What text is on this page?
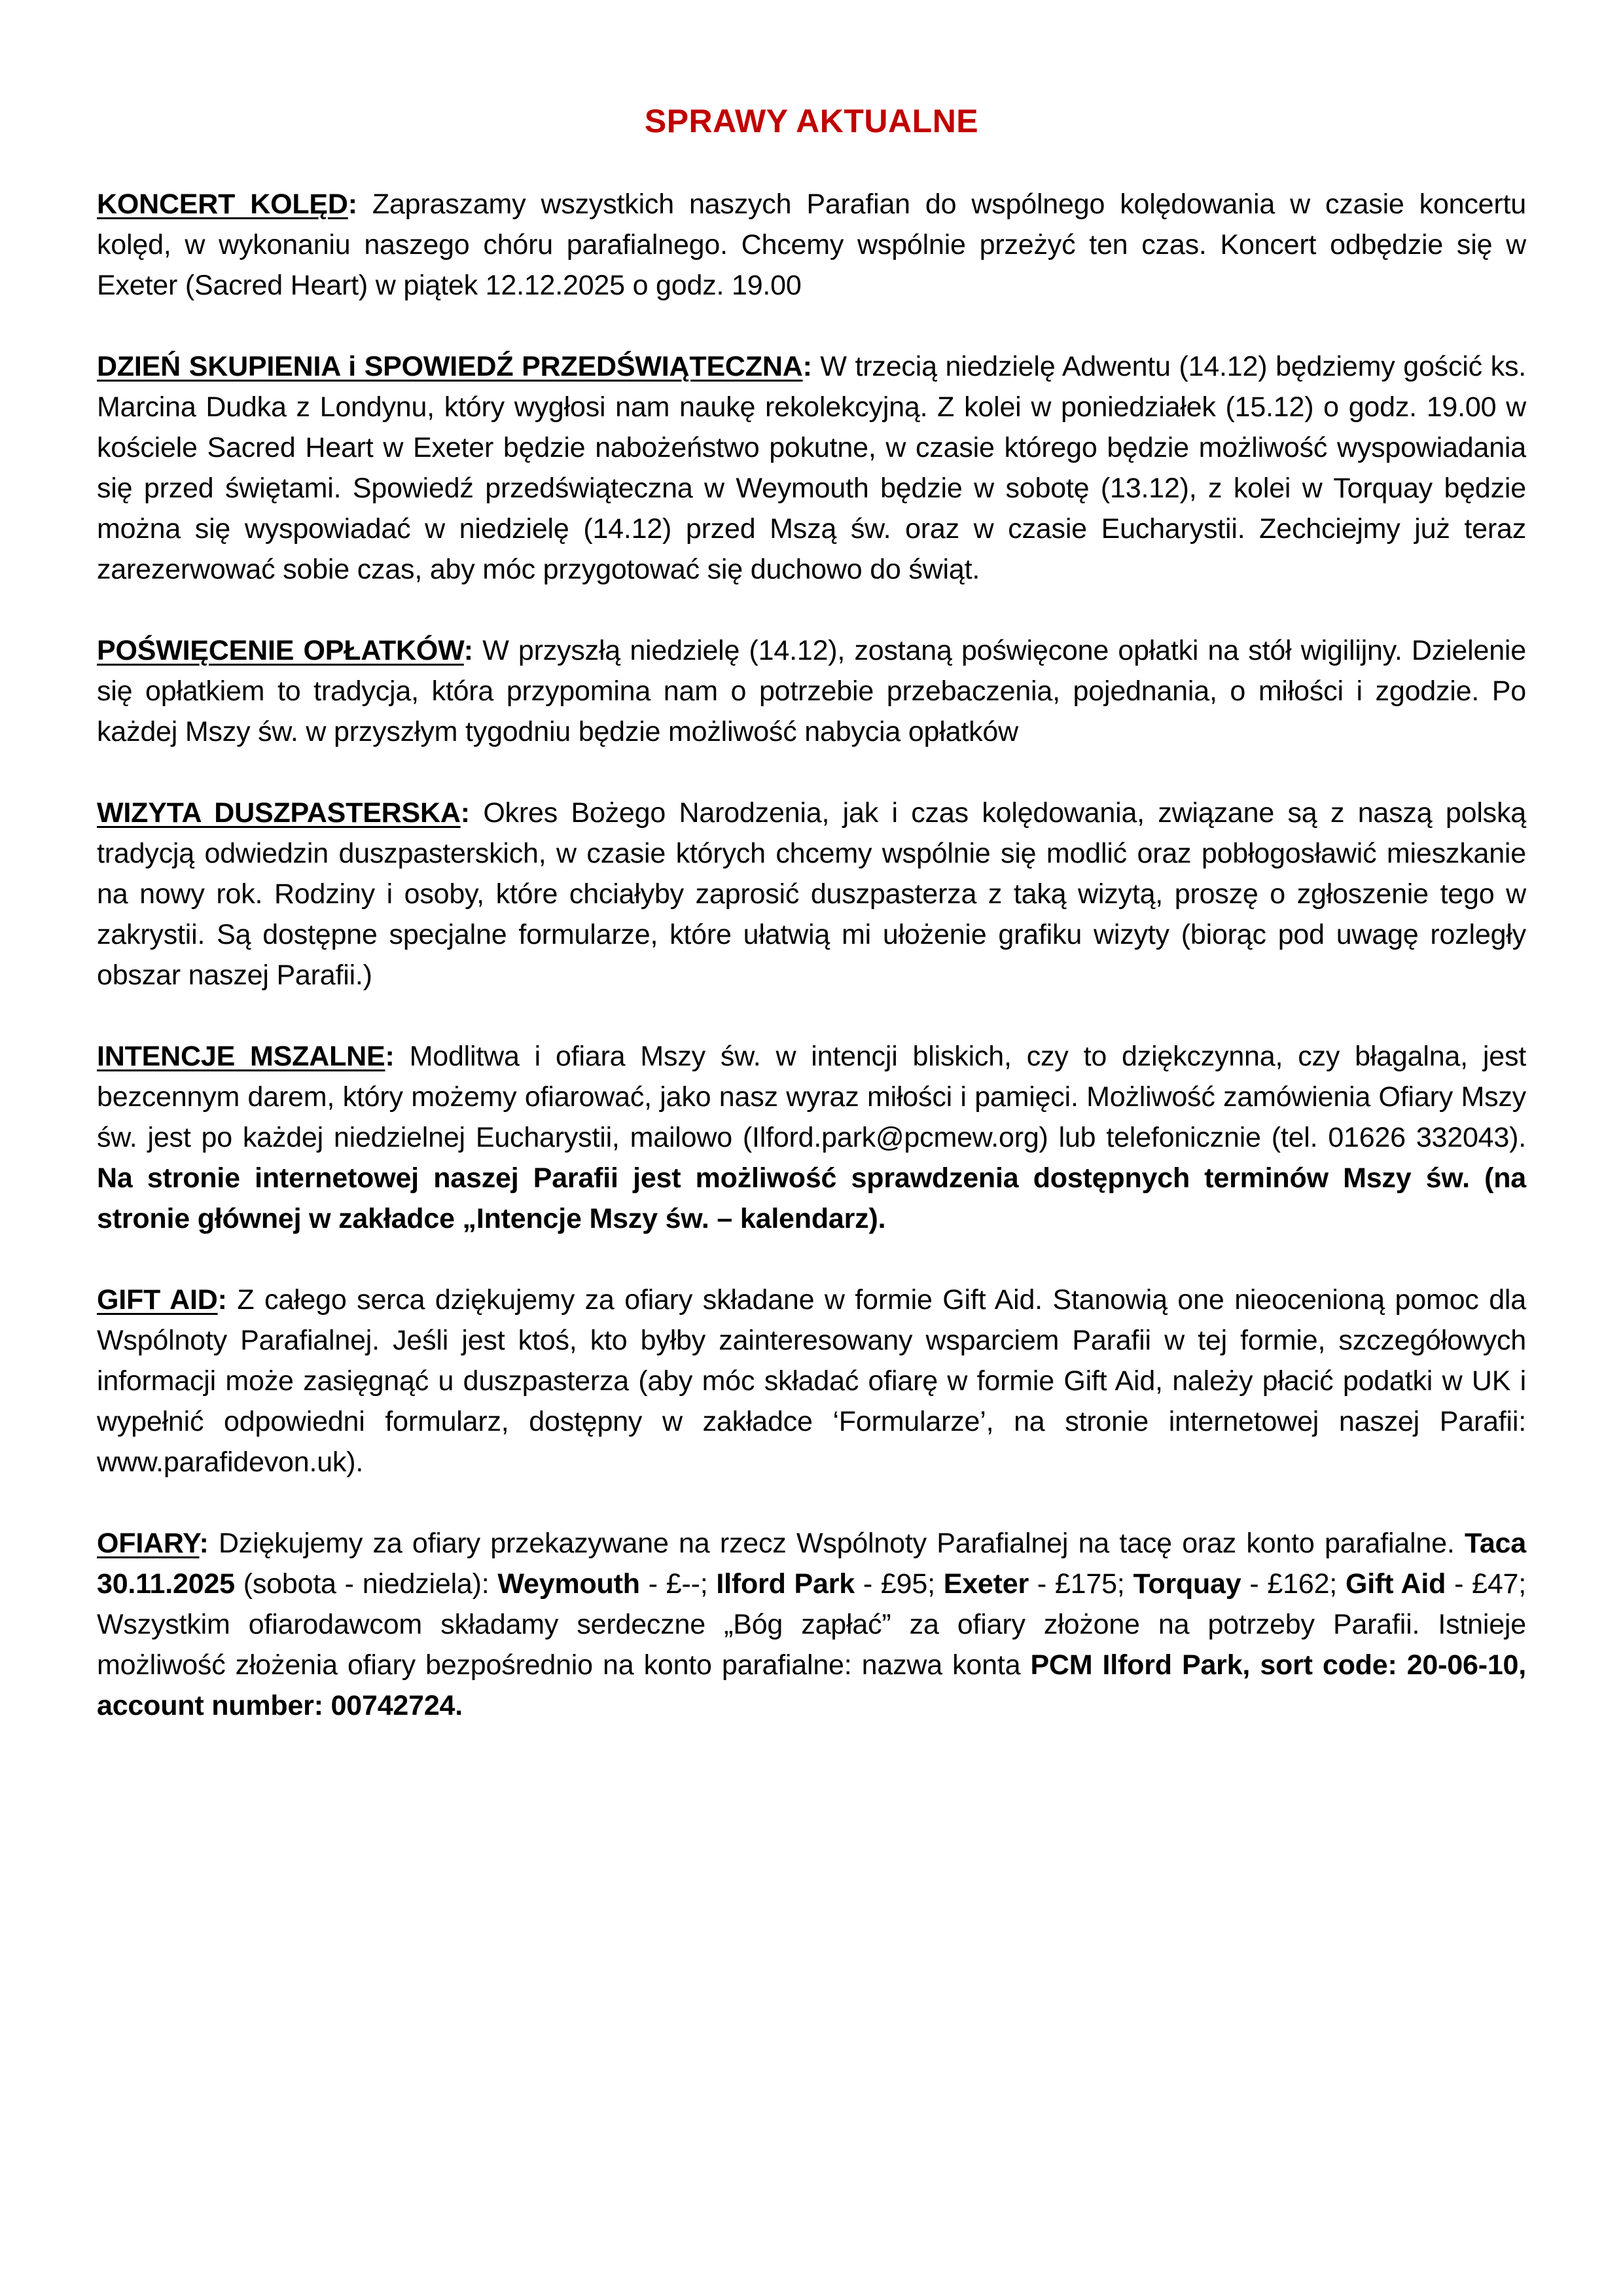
SPRAWY AKTUALNE

KONCERT KOLĘD: Zapraszamy wszystkich naszych Parafian do wspólnego kolędowania w czasie koncertu kolęd, w wykonaniu naszego chóru parafialnego. Chcemy wspólnie przeżyć ten czas. Koncert odbędzie się w Exeter (Sacred Heart) w piątek 12.12.2025 o godz. 19.00

DZIEŃ SKUPIENIA i SPOWIEDŹ PRZEDŚWIĄTECZNA: W trzecią niedzielę Adwentu (14.12) będziemy gościć ks. Marcina Dudka z Londynu, który wygłosi nam naukę rekolekcyjną. Z kolei w poniedziałek (15.12) o godz. 19.00 w kościele Sacred Heart w Exeter będzie nabożeństwo pokutne, w czasie którego będzie możliwość wyspowiadania się przed świętami. Spowiedź przedświąteczna w Weymouth będzie w sobotę (13.12), z kolei w Torquay będzie można się wyspowiadać w niedzielę (14.12) przed Mszą św. oraz w czasie Eucharystii. Zechciejmy już teraz zarezerwować sobie czas, aby móc przygotować się duchowo do świąt.

POŚWIĘCENIE OPŁATKÓW: W przyszłą niedzielę (14.12), zostaną poświęcone opłatki na stół wigilijny. Dzielenie się opłatkiem to tradycja, która przypomina nam o potrzebie przebaczenia, pojednania, o miłości i zgodzie. Po każdej Mszy św. w przyszłym tygodniu będzie możliwość nabycia opłatków

WIZYTA DUSZPASTERSKA: Okres Bożego Narodzenia, jak i czas kolędowania, związane są z naszą polską tradycją odwiedzin duszpasterskich, w czasie których chcemy wspólnie się modlić oraz pobłogosławić mieszkanie na nowy rok. Rodziny i osoby, które chciałyby zaprosić duszpasterza z taką wizytą, proszę o zgłoszenie tego w zakrystii. Są dostępne specjalne formularze, które ułatwią mi ułożenie grafiku wizyty (biorąc pod uwagę rozległy obszar naszej Parafii.)

INTENCJE MSZALNE: Modlitwa i ofiara Mszy św. w intencji bliskich, czy to dziękczynna, czy błagalna, jest bezcennym darem, który możemy ofiarować, jako nasz wyraz miłości i pamięci. Możliwość zamówienia Ofiary Mszy św. jest po każdej niedzielnej Eucharystii, mailowo (Ilford.park@pcmew.org) lub telefonicznie (tel. 01626 332043). Na stronie internetowej naszej Parafii jest możliwość sprawdzenia dostępnych terminów Mszy św. (na stronie głównej w zakładce „Intencje Mszy św. – kalendarz).

GIFT AID: Z całego serca dziękujemy za ofiary składane w formie Gift Aid. Stanowią one nieocenioną pomoc dla Wspólnoty Parafialnej. Jeśli jest ktoś, kto byłby zainteresowany wsparciem Parafii w tej formie, szczegółowych informacji może zasięgnąć u duszpasterza (aby móc składać ofiarę w formie Gift Aid, należy płacić podatki w UK i wypełnić odpowiedni formularz, dostępny w zakładce ‘Formularze’, na stronie internetowej naszej Parafii: www.parafidevon.uk).

OFIARY: Dziękujemy za ofiary przekazywane na rzecz Wspólnoty Parafialnej na tacę oraz konto parafialne. Taca 30.11.2025 (sobota - niedziela): Weymouth - £--; Ilford Park - £95; Exeter - £175; Torquay - £162; Gift Aid - £47; Wszystkim ofiarodawcom składamy serdeczne „Bóg zapłać” za ofiary złożone na potrzeby Parafii. Istnieje możliwość złożenia ofiary bezpośrednio na konto parafialne: nazwa konta PCM Ilford Park, sort code: 20-06-10, account number: 00742724.
